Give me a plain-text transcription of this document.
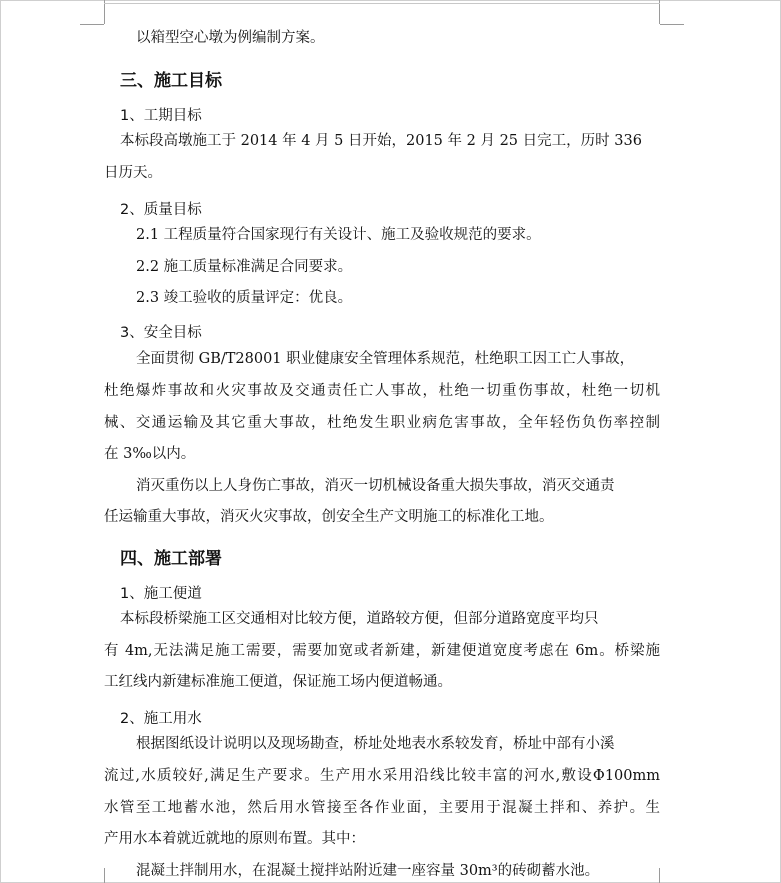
以箱型空心墩为例编制方案。
三、施工目标
1、工期目标
本标段高墩施工于 2014 年 4 月 5 日开始，2015 年 2 月 25 日完工，历时 336
日历天。
2、质量目标
2.1 工程质量符合国家现行有关设计、施工及验收规范的要求。
2.2 施工质量标准满足合同要求。
2.3 竣工验收的质量评定：优良。
3、安全目标
全面贯彻 GB/T28001 职业健康安全管理体系规范，杜绝职工因工亡人事故，
杜绝爆炸事故和火灾事故及交通责任亡人事故，杜绝一切重伤事故，杜绝一切机
械、交通运输及其它重大事故，杜绝发生职业病危害事故，全年轻伤负伤率控制
在 3‰以内。
消灭重伤以上人身伤亡事故，消灭一切机械设备重大损失事故，消灭交通责
任运输重大事故，消灭火灾事故，创安全生产文明施工的标准化工地。
四、施工部署
1、施工便道
本标段桥梁施工区交通相对比较方便，道路较方便，但部分道路宽度平均只
有 4m,无法满足施工需要，需要加宽或者新建，新建便道宽度考虑在 6m。桥梁施
工红线内新建标准施工便道，保证施工场内便道畅通。
2、施工用水
根据图纸设计说明以及现场勘查，桥址处地表水系较发育，桥址中部有小溪
流过,水质较好,满足生产要求。生产用水采用沿线比较丰富的河水,敷设Φ100mm
水管至工地蓄水池，然后用水管接至各作业面，主要用于混凝土拌和、养护。生
产用水本着就近就地的原则布置。其中：
混凝土拌制用水，在混凝土搅拌站附近建一座容量 30m³的砖砌蓄水池。
